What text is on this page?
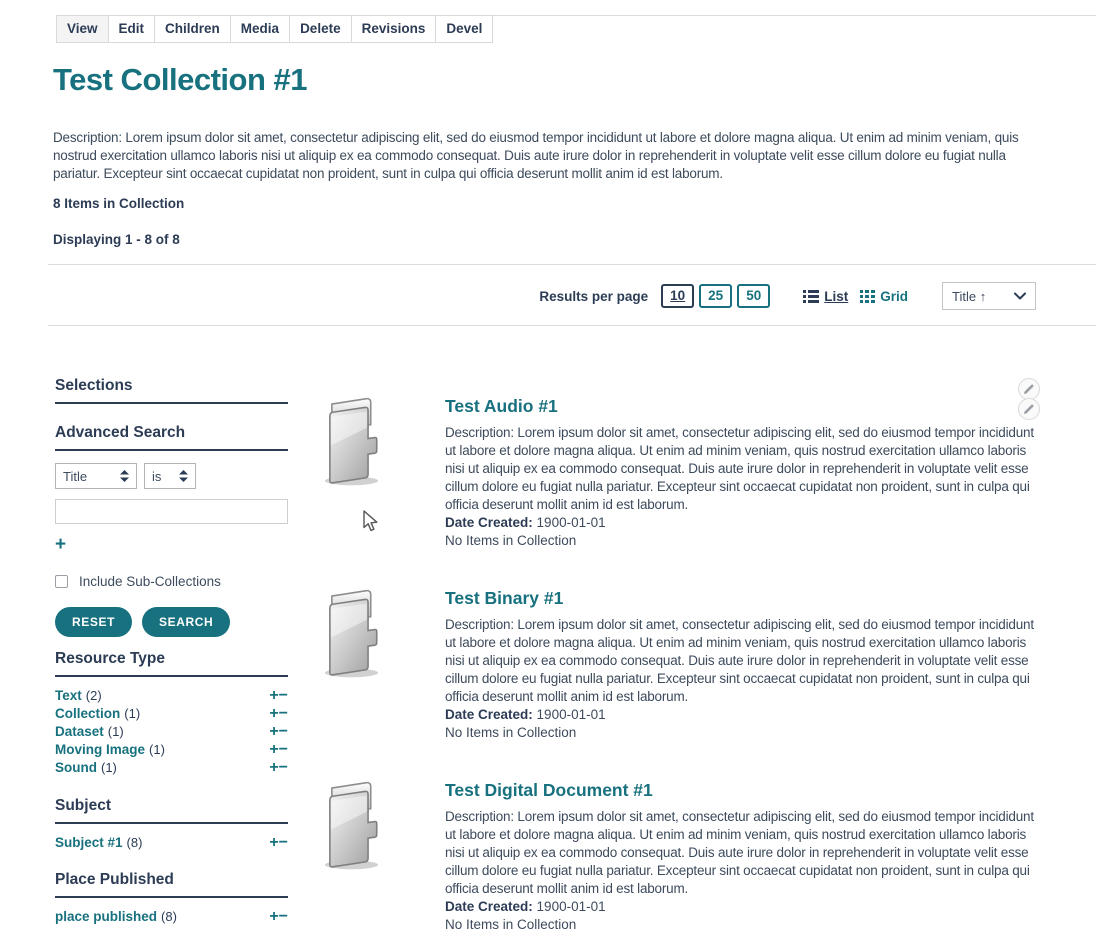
View	Edit	Children	Media	Delete	Revisions	Devel
Test Collection #1

Description: Lorem ipsum dolor sit amet, consectetur adipiscing elit, sed do eiusmod tempor incididunt ut labore et dolore magna aliqua. Ut enim ad minim veniam, quis nostrud exercitation ullamco laboris nisi ut aliquip ex ea commodo consequat. Duis aute irure dolor in reprehenderit in voluptate velit esse cillum dolore eu fugiat nulla pariatur. Excepteur sint occaecat cupidatat non proident, sunt in culpa qui officia deserunt mollit anim id est laborum.

8 Items in Collection
Displaying 1 - 8 of 8
Results per page	10	25	50	List Grid	Title ↑
Selections
Advanced Search
Title	is
+
Include Sub-Collections
RESET	SEARCH
Resource Type
Text (2)	+−
Collection (1)	+−
Dataset (1)	+−
Moving Image (1)	+−
Sound (1)	+−
Subject
Subject #1 (8)	+−
Place Published
place published (8)	+−
Test Audio #1

Description: Lorem ipsum dolor sit amet, consectetur adipiscing elit, sed do eiusmod tempor incididunt ut labore et dolore magna aliqua. Ut enim ad minim veniam, quis nostrud exercitation ullamco laboris nisi ut aliquip ex ea commodo consequat. Duis aute irure dolor in reprehenderit in voluptate velit esse cillum dolore eu fugiat nulla pariatur. Excepteur sint occaecat cupidatat non proident, sunt in culpa qui officia deserunt mollit anim id est laborum.

Date Created: 1900-01-01
No Items in Collection
Test Binary #1

Description: Lorem ipsum dolor sit amet, consectetur adipiscing elit, sed do eiusmod tempor incididunt ut labore et dolore magna aliqua. Ut enim ad minim veniam, quis nostrud exercitation ullamco laboris nisi ut aliquip ex ea commodo consequat. Duis aute irure dolor in reprehenderit in voluptate velit esse cillum dolore eu fugiat nulla pariatur. Excepteur sint occaecat cupidatat non proident, sunt in culpa qui officia deserunt mollit anim id est laborum.

Date Created: 1900-01-01
No Items in Collection
Test Digital Document #1

Description: Lorem ipsum dolor sit amet, consectetur adipiscing elit, sed do eiusmod tempor incididunt ut labore et dolore magna aliqua. Ut enim ad minim veniam, quis nostrud exercitation ullamco laboris nisi ut aliquip ex ea commodo consequat. Duis aute irure dolor in reprehenderit in voluptate velit esse cillum dolore eu fugiat nulla pariatur. Excepteur sint occaecat cupidatat non proident, sunt in culpa qui officia deserunt mollit anim id est laborum.

Date Created: 1900-01-01
No Items in Collection
